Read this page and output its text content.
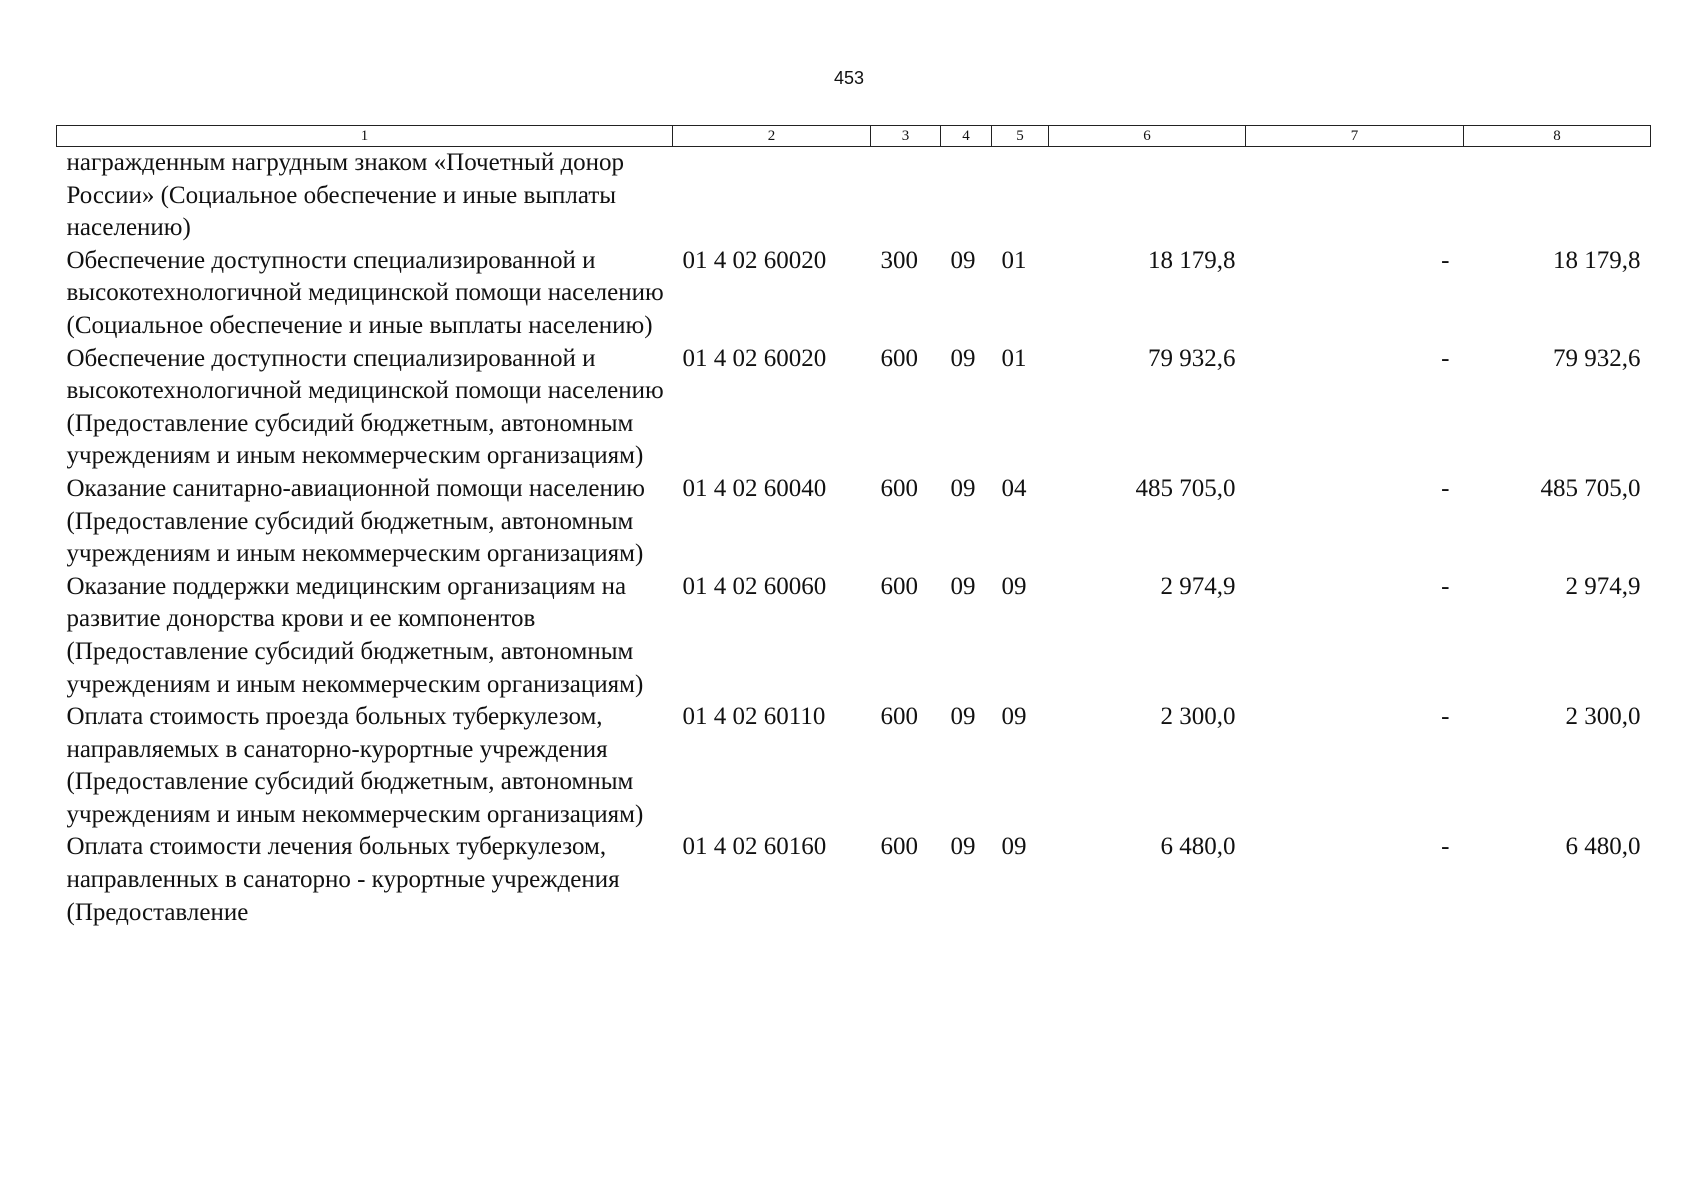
453
1	2	3	4	5	6	7	8
награжденным нагрудным знаком «Почетный донор России» (Социальное обеспечение и иные выплаты населению)							
Обеспечение доступности специализированной и высокотехнологичной медицинской помощи населению (Социальное обеспечение и иные выплаты населению)	01 4 02 60020	300	09	01	18 179,8	-	18 179,8
Обеспечение доступности специализированной и высокотехнологичной медицинской помощи населению (Предоставление субсидий бюджетным, автономным учреждениям и иным некоммерческим организациям)	01 4 02 60020	600	09	01	79 932,6	-	79 932,6
Оказание санитарно-авиационной помощи населению (Предоставление субсидий бюджетным, автономным учреждениям и иным некоммерческим организациям)	01 4 02 60040	600	09	04	485 705,0	-	485 705,0
Оказание поддержки медицинским организациям на развитие донорства крови и ее компонентов (Предоставление субсидий бюджетным, автономным учреждениям и иным некоммерческим организациям)	01 4 02 60060	600	09	09	2 974,9	-	2 974,9
Оплата стоимость проезда больных туберкулезом, направляемых в санаторно-курортные учреждения (Предоставление субсидий бюджетным, автономным учреждениям и иным некоммерческим организациям)	01 4 02 60110	600	09	09	2 300,0	-	2 300,0
Оплата стоимости лечения больных туберкулезом, направленных в санаторно - курортные учреждения (Предоставление	01 4 02 60160	600	09	09	6 480,0	-	6 480,0
